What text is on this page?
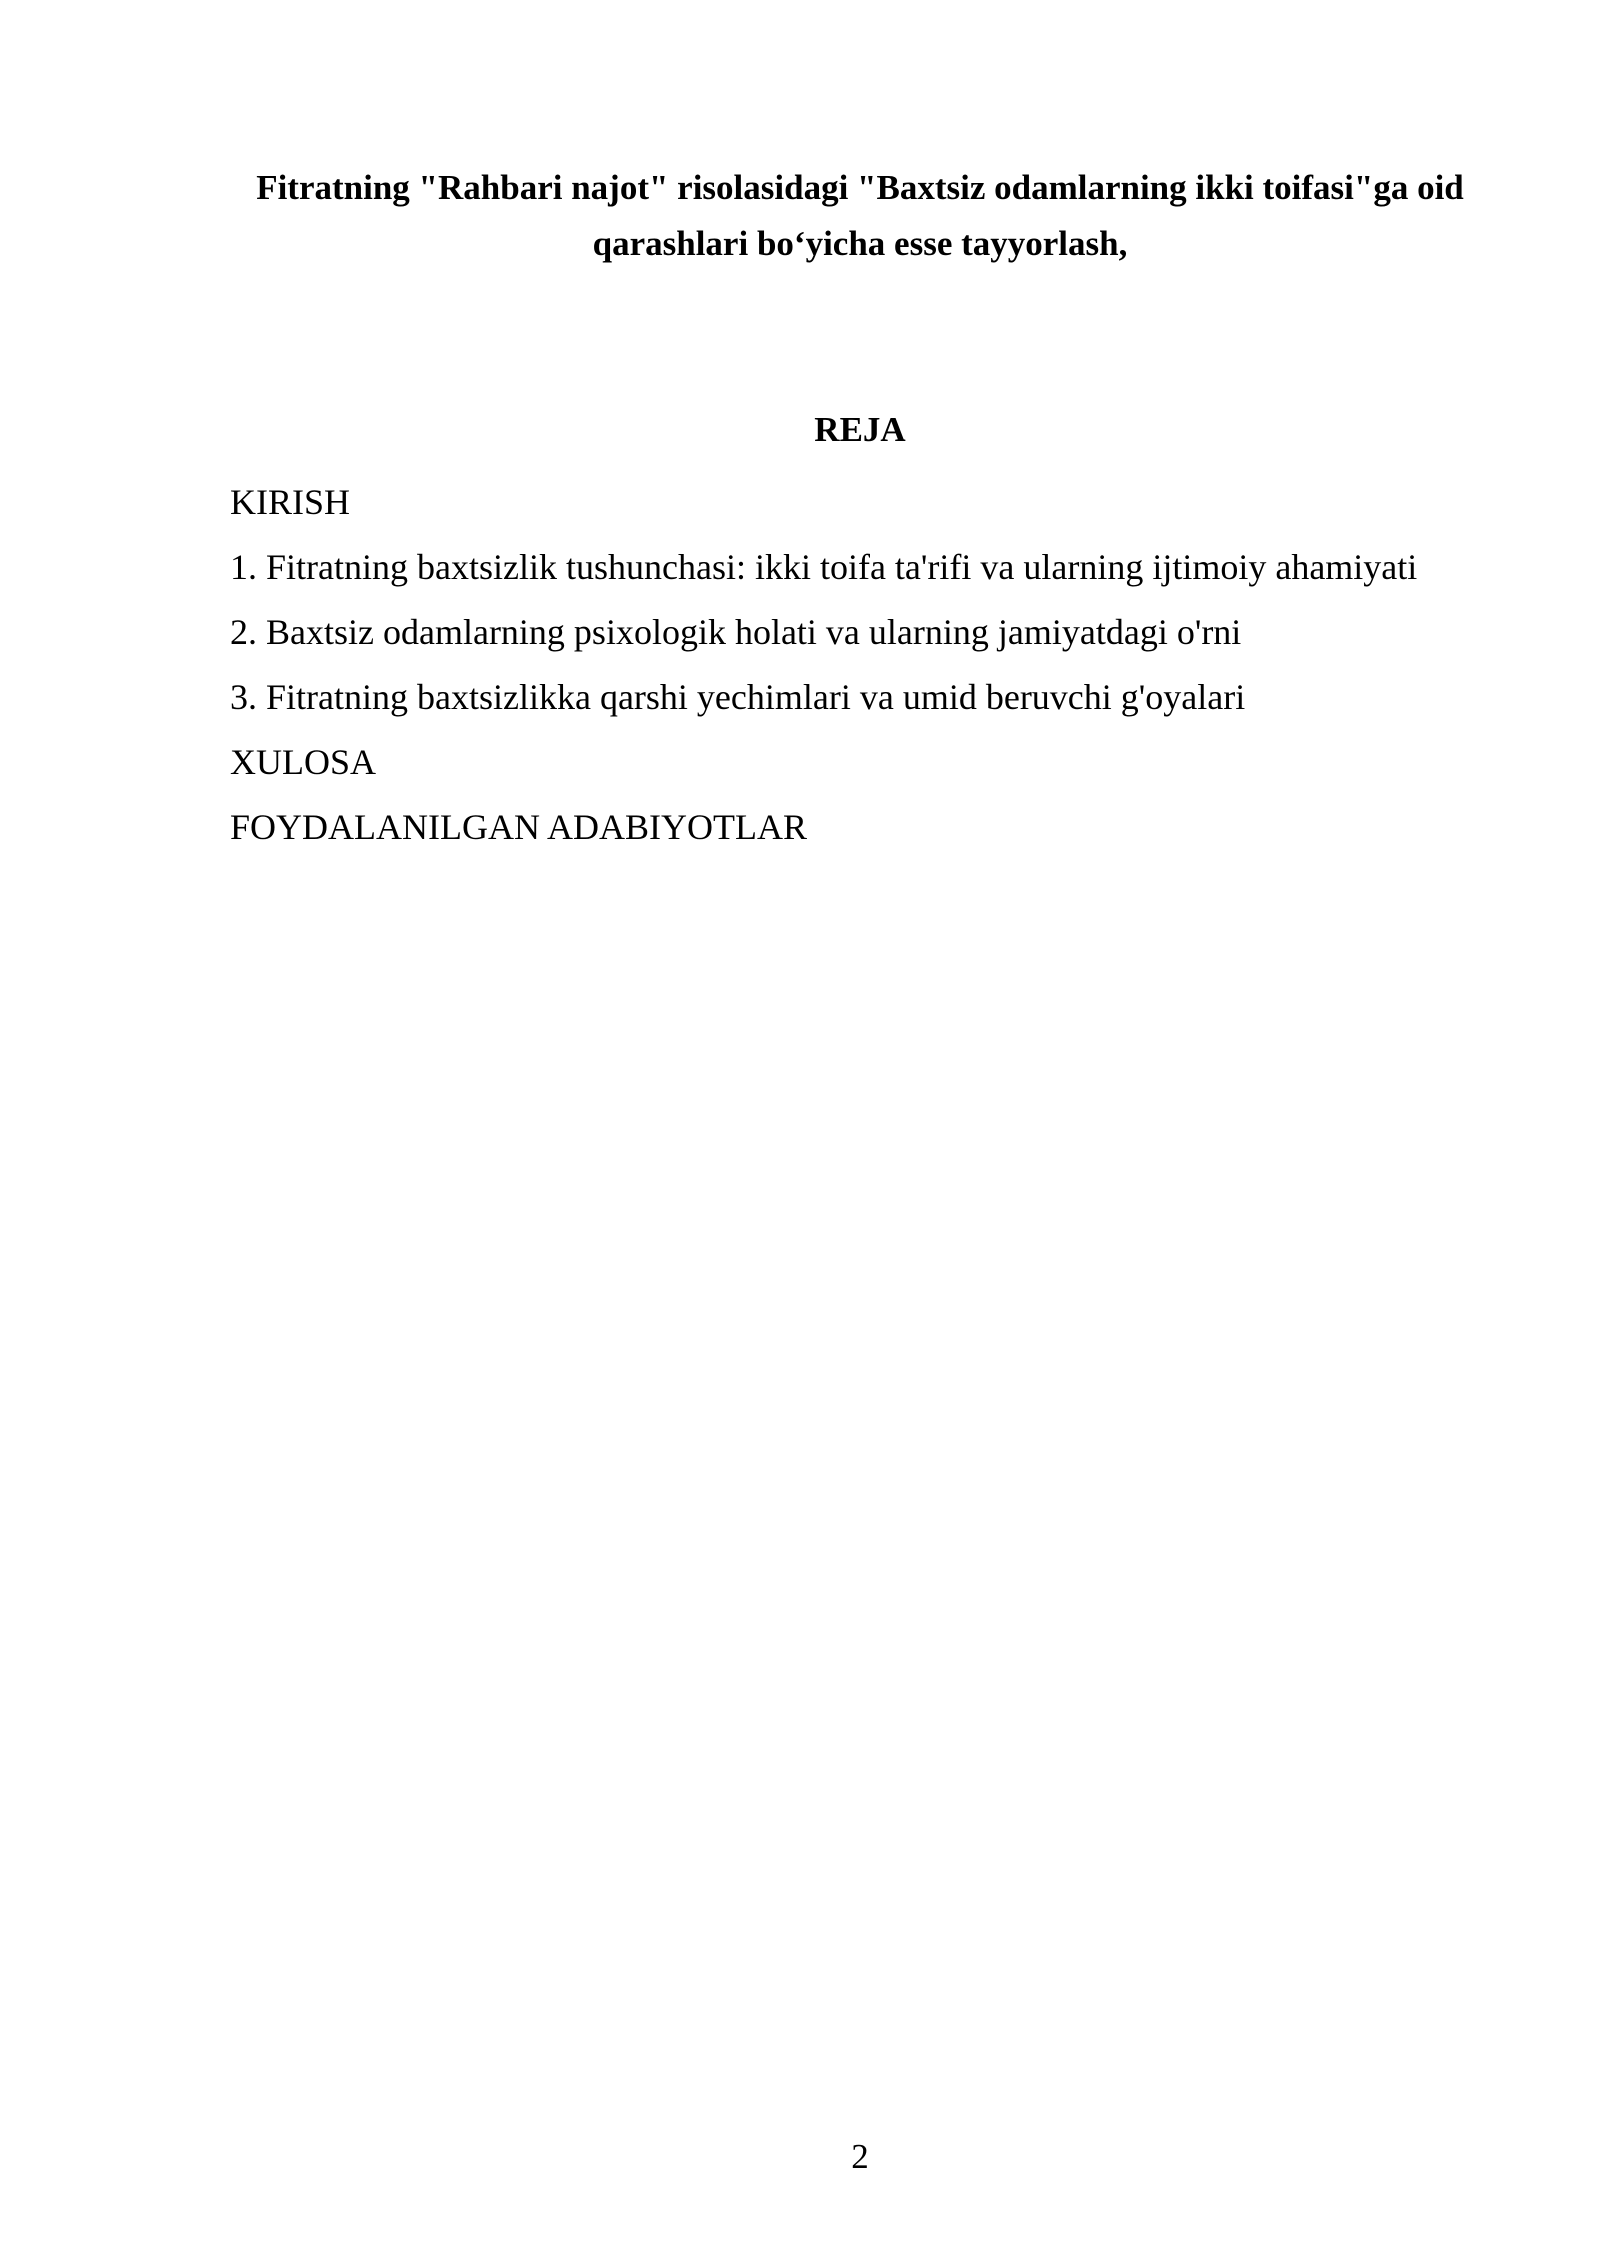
Fitratning "Rahbari najot" risolasidagi "Baxtsiz odamlarning ikki toifasi"ga oid qarashlari bo‘yicha esse tayyorlash,
REJA
KIRISH
1. Fitratning baxtsizlik tushunchasi: ikki toifa ta'rifi va ularning ijtimoiy ahamiyati
2. Baxtsiz odamlarning psixologik holati va ularning jamiyatdagi o'rni
3. Fitratning baxtsizlikka qarshi yechimlari va umid beruvchi g'oyalari
XULOSA
FOYDALANILGAN ADABIYOTLAR

2
